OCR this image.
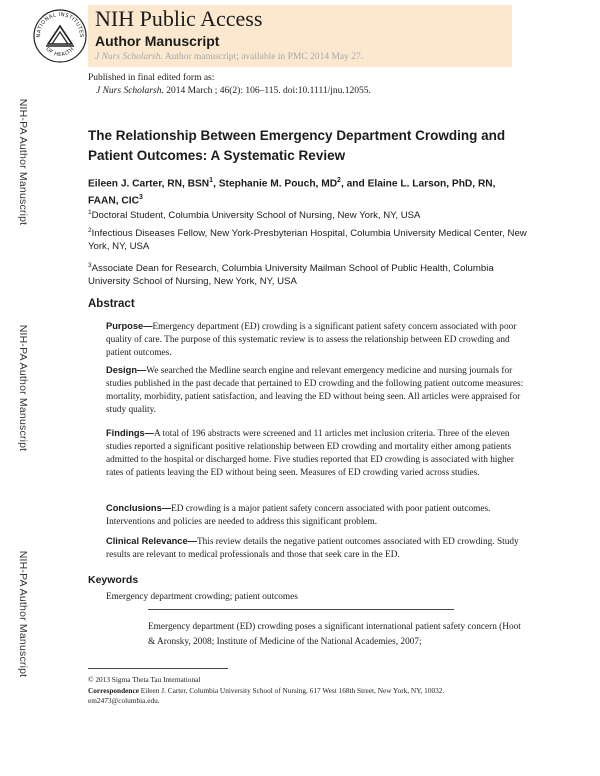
NIH Public Access
Author Manuscript
J Nurs Scholarsh. Author manuscript; available in PMC 2014 May 27.
NATIONAL INSTITUTES
OF HEALTH
Published in final edited form as:
J Nurs Scholarsh. 2014 March ; 46(2): 106–115. doi:10.1111/jnu.12055.
NIH-PA Author Manuscript
NIH-PA Author Manuscript
NIH-PA Author Manuscript
The Relationship Between Emergency Department Crowding and Patient Outcomes: A Systematic Review
Eileen J. Carter, RN, BSN$^1$, Stephanie M. Pouch, $MD^2$, and Elaine L. Larson, PhD, RN, FAAN, CIC$^3$
$^1$Doctoral Student, Columbia University School of Nursing, New York, NY, USA
$^2$Infectious Diseases Fellow, New York-Presbyterian Hospital, Columbia University Medical Center, New York, NY, USA
$^3$Associate Dean for Research, Columbia University Mailman School of Public Health, Columbia University School of Nursing, New York, NY, USA
Abstract
Purpose—Emergency department (ED) crowding is a significant patient safety concern associated with poor quality of care. The purpose of this systematic review is to assess the relationship between ED crowding and patient outcomes.
Design—We searched the Medline search engine and relevant emergency medicine and nursing journals for studies published in the past decade that pertained to ED crowding and the following patient outcome measures: mortality, morbidity, patient satisfaction, and leaving the ED without being seen. All articles were appraised for study quality.
Findings—A total of 196 abstracts were screened and 11 articles met inclusion criteria. Three of the eleven studies reported a significant positive relationship between ED crowding and mortality either among patients admitted to the hospital or discharged home. Five studies reported that ED crowding is associated with higher rates of patients leaving the ED without being seen. Measures of ED crowding varied across studies.
Conclusions—ED crowding is a major patient safety concern associated with poor patient outcomes. Interventions and policies are needed to address this significant problem.
Clinical Relevance—This review details the negative patient outcomes associated with ED crowding. Study results are relevant to medical professionals and those that seek care in the ED.
Keywords
Emergency department crowding; patient outcomes
Emergency department (ED) crowding poses a significant international patient safety concern (Hoot & Aronsky, 2008; Institute of Medicine of the National Academies, 2007;
© 2013 Sigma Theta Tau International
Correspondence Eileen J. Carter, Columbia University School of Nursing, 617 West 168th Street, New York, NY, 10032. em2473@columbia.edu.
